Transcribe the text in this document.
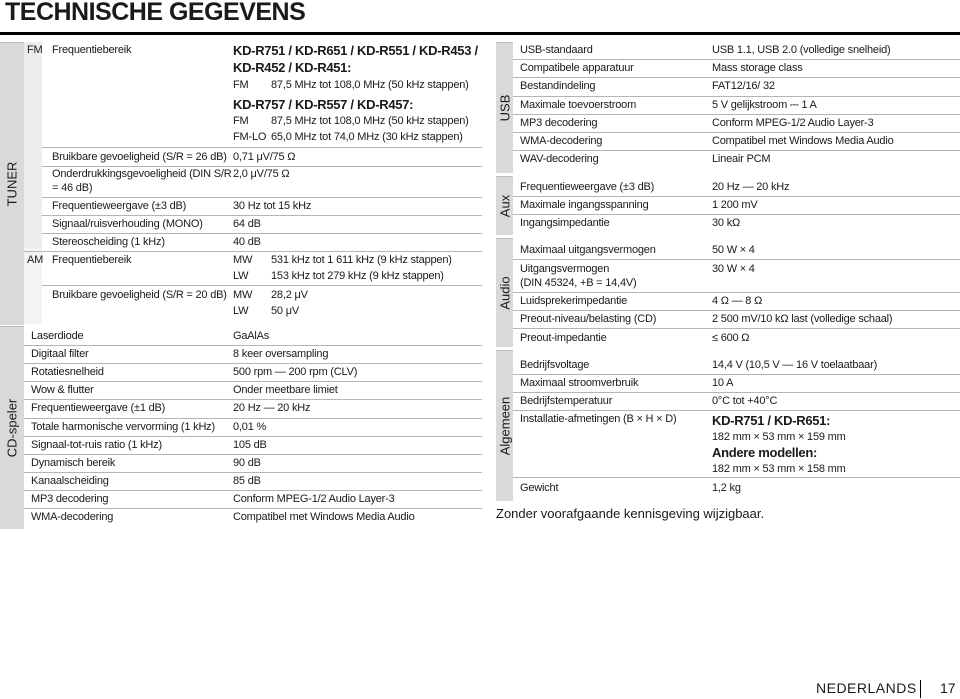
TECHNISCHE GEGEVENS
TUNER
FM Frequentiebereik	KD-R751 / KD-R651 / KD-R551 / KD-R453 /
KD-R452 / KD-R451:
FM 87,5 MHz tot 108,0 MHz (50 kHz stappen)
KD-R757 / KD-R557 / KD-R457:
FM 87,5 MHz tot 108,0 MHz (50 kHz stappen)
FM-LO 65,0 MHz tot 74,0 MHz (30 kHz stappen)
Bruikbare gevoeligheid (S/R = 26 dB) 0,71 μV/75 Ω
Onderdrukkingsgevoeligheid (DIN S/R
= 46 dB)
2,0 μV/75 Ω
Frequentieweergave (±3 dB)	30 Hz tot 15 kHz
Signaal/ruisverhouding (MONO)	64 dB
Stereoscheiding (1 kHz)	40 dB
AM Frequentiebereik	MW 531 kHz tot 1 611 kHz (9 kHz stappen)
LW 153 kHz tot 279 kHz (9 kHz stappen)
Bruikbare gevoeligheid (S/R = 20 dB) MW 28,2 μV
LW 50 μV
CD-speler
Laserdiode	GaAlAs
Digitaal filter	8 keer oversampling
Rotatiesnelheid	500 rpm — 200 rpm (CLV)
Wow & flutter	Onder meetbare limiet
Frequentieweergave (±1 dB)	20 Hz — 20 kHz
Totale harmonische vervorming (1 kHz) 0,01 %
Signaal-tot-ruis ratio (1 kHz)	105 dB
Dynamisch bereik	90 dB
Kanaalscheiding	85 dB
MP3 decodering	Conform MPEG-1/2 Audio Layer-3
WMA-decodering	Compatibel met Windows Media Audio
USB
USB-standaard	USB 1.1, USB 2.0 (volledige snelheid)
Compatibele apparatuur	Mass storage class
Bestandindeling	FAT12/16/ 32
Maximale toevoerstroom	5 V gelijkstroom ⎓ 1 A
MP3 decodering	Conform MPEG-1/2 Audio Layer-3
WMA-decodering	Compatibel met Windows Media Audio
WAV-decodering	Lineair PCM
Aux
Frequentieweergave (±3 dB)	20 Hz — 20 kHz
Maximale ingangsspanning	1 200 mV
Ingangsimpedantie	30 kΩ
Audio
Maximaal uitgangsvermogen	50 W × 4
Uitgangsvermogen
(DIN 45324, +B = 14,4V)
30 W × 4
Luidsprekerimpedantie	4 Ω — 8 Ω
Preout-niveau/belasting (CD)	2 500 mV/10 kΩ last (volledige schaal)
Preout-impedantie	≤ 600 Ω
Algemeen
Bedrijfsvoltage	14,4 V (10,5 V — 16 V toelaatbaar)
Maximaal stroomverbruik	10 A
Bedrijfstemperatuur	0°C tot +40°C
Installatie-afmetingen (B × H × D)	KD-R751 / KD-R651:
182 mm × 53 mm × 159 mm
Andere modellen:
182 mm × 53 mm × 158 mm
Gewicht	1,2 kg
Zonder voorafgaande kennisgeving wijzigbaar.
NEDERLANDS 17
